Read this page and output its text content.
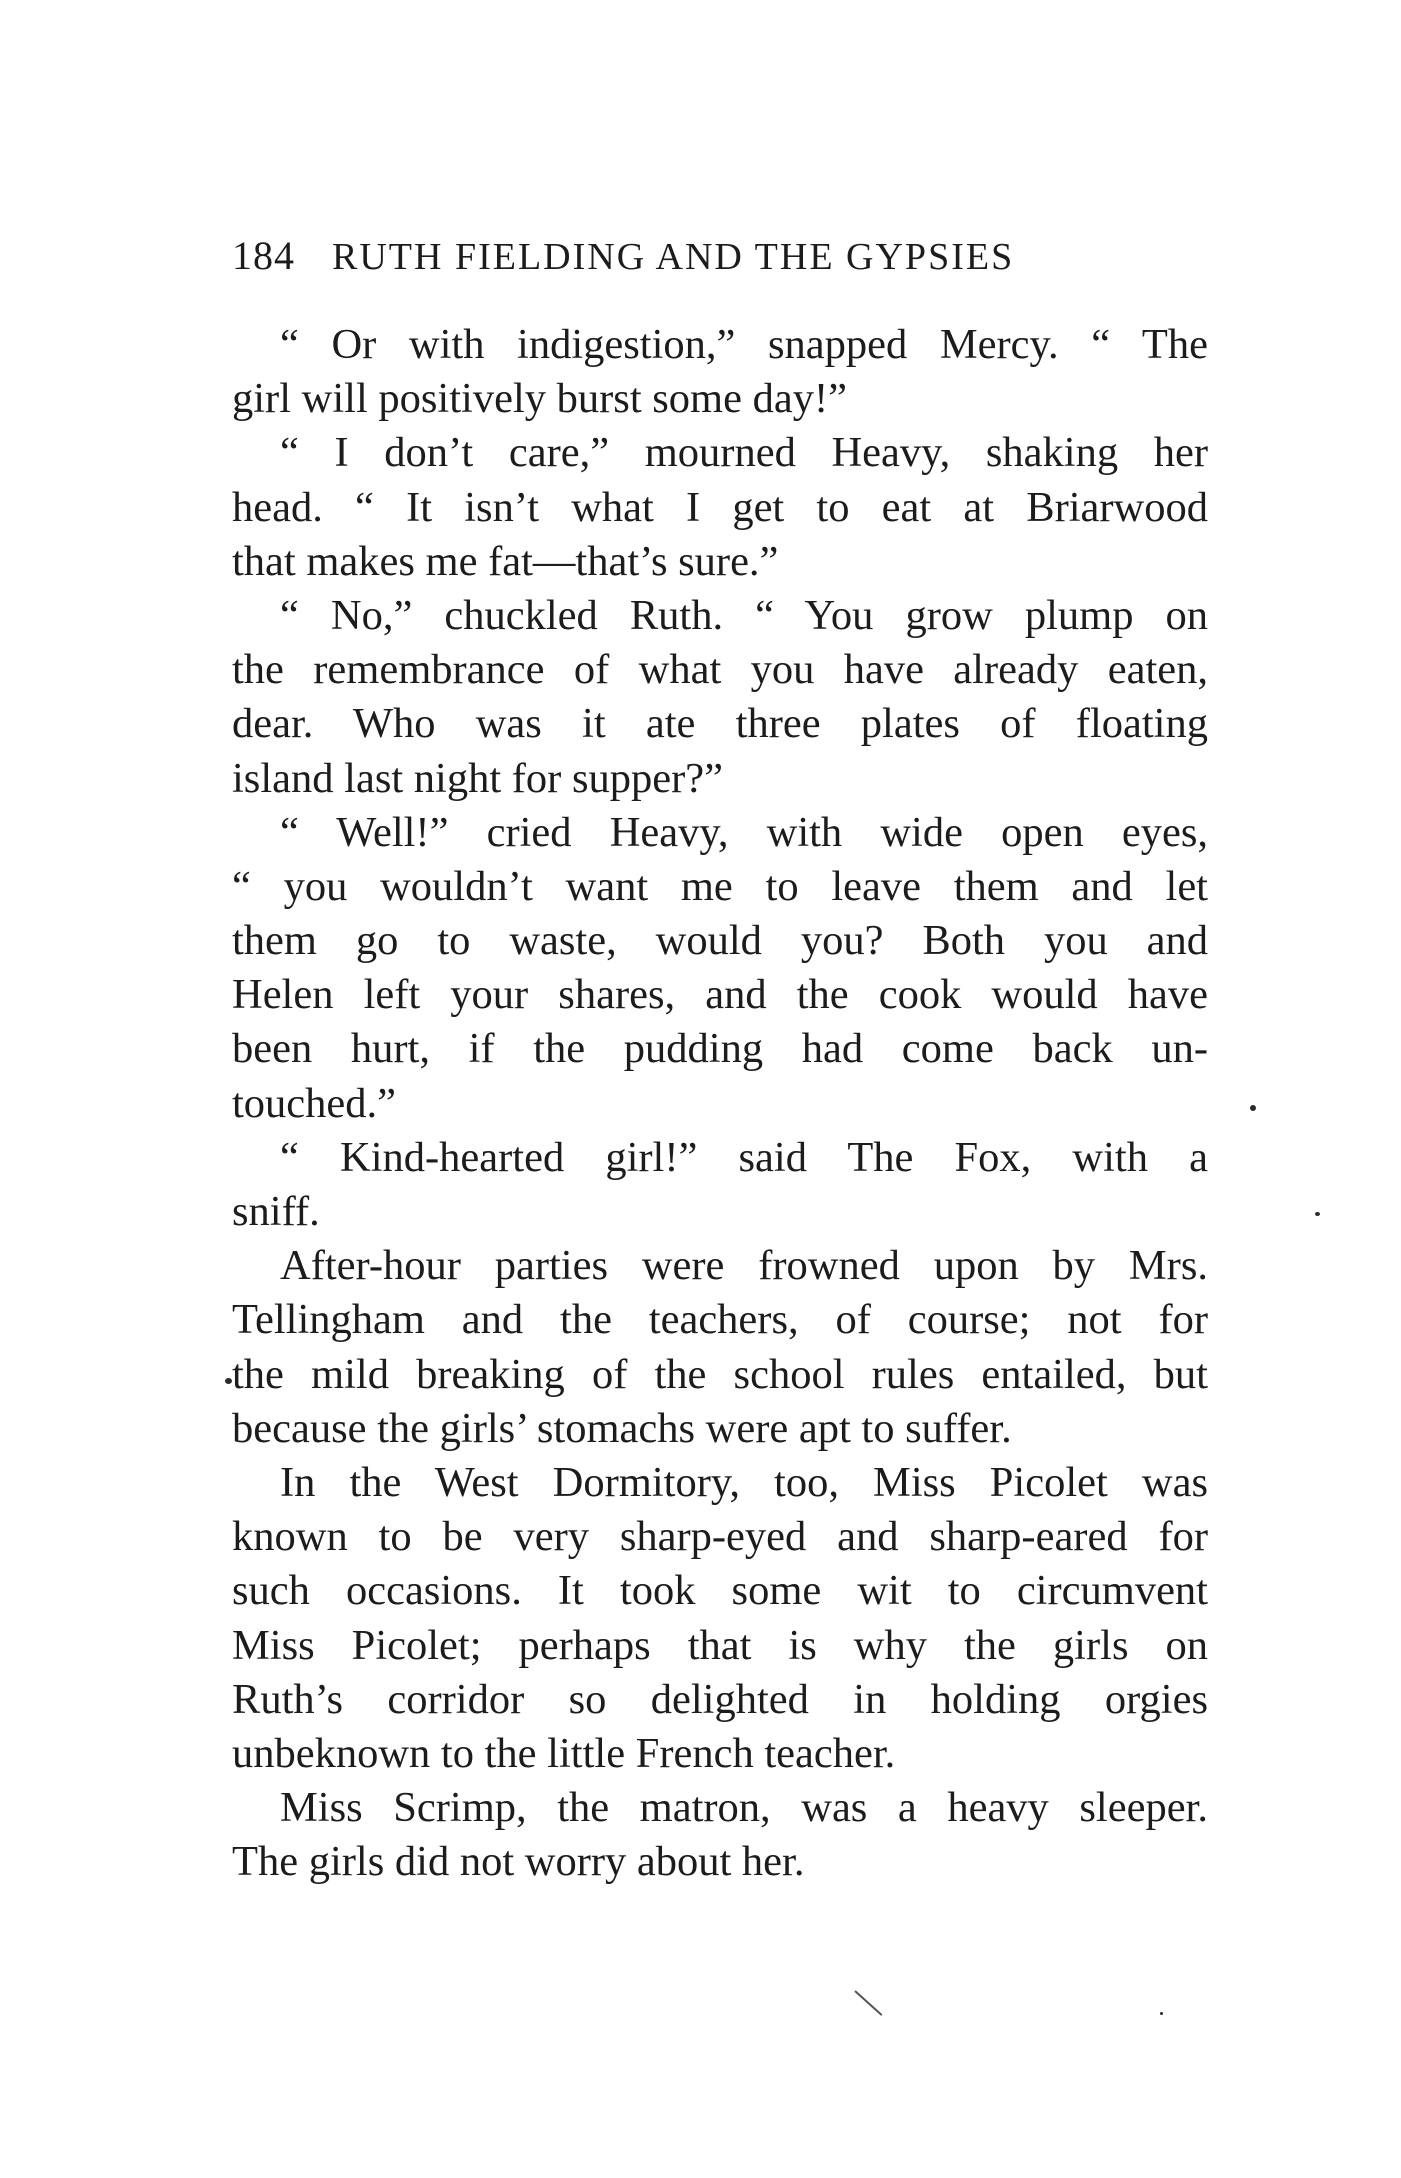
184 RUTH FIELDING AND THE GYPSIES
“ Or with indigestion,” snapped Mercy. “ The
girl will positively burst some day!”
“ I don’t care,” mourned Heavy, shaking her
head. “ It isn’t what I get to eat at Briarwood
that makes me fat—that’s sure.”
“ No,” chuckled Ruth. “ You grow plump on
the remembrance of what you have already eaten,
dear. Who was it ate three plates of floating
island last night for supper?”
“ Well!” cried Heavy, with wide open eyes,
“ you wouldn’t want me to leave them and let
them go to waste, would you? Both you and
Helen left your shares, and the cook would have
been hurt, if the pudding had come back un-
touched.”
“ Kind-hearted girl!” said The Fox, with a
sniff.
After-hour parties were frowned upon by Mrs.
Tellingham and the teachers, of course; not for
the mild breaking of the school rules entailed, but
because the girls’ stomachs were apt to suffer.
In the West Dormitory, too, Miss Picolet was
known to be very sharp-eyed and sharp-eared for
such occasions. It took some wit to circumvent
Miss Picolet; perhaps that is why the girls on
Ruth’s corridor so delighted in holding orgies
unbeknown to the little French teacher.
Miss Scrimp, the matron, was a heavy sleeper.
The girls did not worry about her.
